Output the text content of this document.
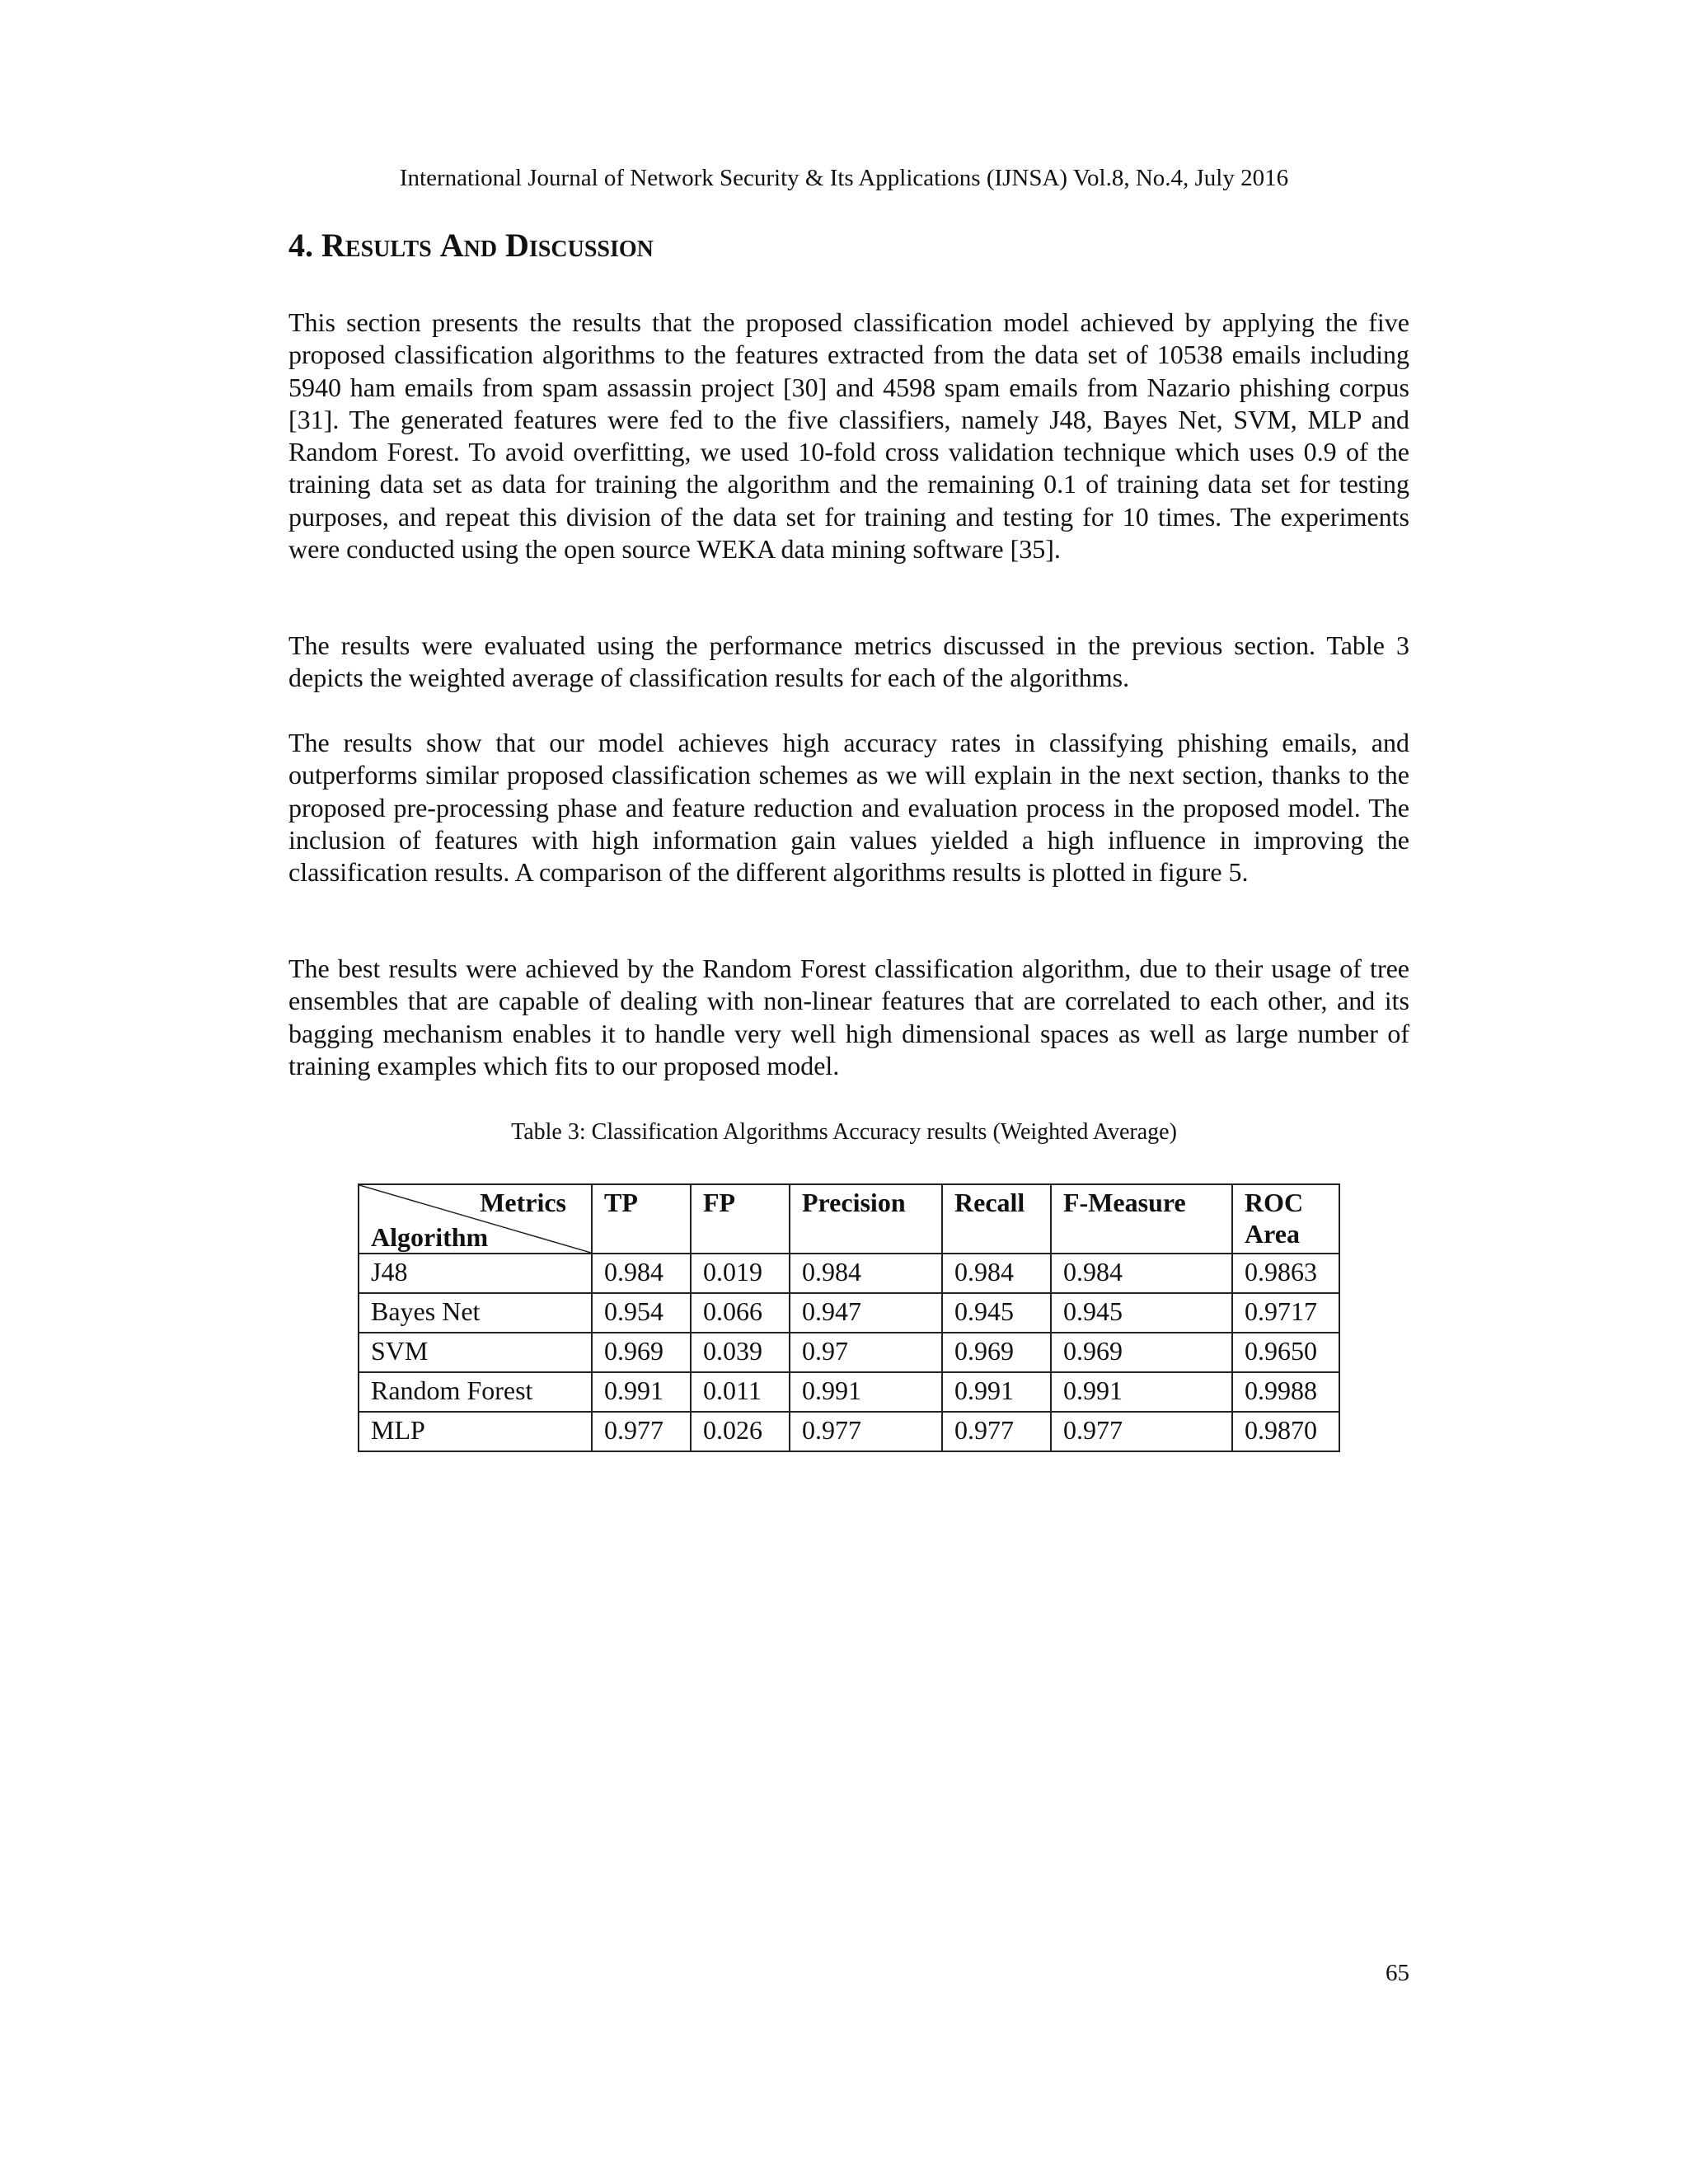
International Journal of Network Security & Its Applications (IJNSA) Vol.8, No.4, July 2016
4. Results And Discussion

This section presents the results that the proposed classification model achieved by applying the five proposed classification algorithms to the features extracted from the data set of 10538 emails including 5940 ham emails from spam assassin project [30] and 4598 spam emails from Nazario phishing corpus [31]. The generated features were fed to the five classifiers, namely J48, Bayes Net, SVM, MLP and Random Forest. To avoid overfitting, we used 10-fold cross validation technique which uses 0.9 of the training data set as data for training the algorithm and the remaining 0.1 of training data set for testing purposes, and repeat this division of the data set for training and testing for 10 times. The experiments were conducted using the open source WEKA data mining software [35].

The results were evaluated using the performance metrics discussed in the previous section. Table 3 depicts the weighted average of classification results for each of the algorithms.

The results show that our model achieves high accuracy rates in classifying phishing emails, and outperforms similar proposed classification schemes as we will explain in the next section, thanks to the proposed pre-processing phase and feature reduction and evaluation process in the proposed model. The inclusion of features with high information gain values yielded a high influence in improving the classification results. A comparison of the different algorithms results is plotted in figure 5.

The best results were achieved by the Random Forest classification algorithm, due to their usage of tree ensembles that are capable of dealing with non-linear features that are correlated to each other, and its bagging mechanism enables it to handle very well high dimensional spaces as well as large number of training examples which fits to our proposed model.

Table 3: Classification Algorithms Accuracy results (Weighted Average)
Metrics
Algorithm	TP	FP	Precision	Recall	F-Measure	ROC Area
J48	0.984	0.019	0.984	0.984	0.984	0.9863
Bayes Net	0.954	0.066	0.947	0.945	0.945	0.9717
SVM	0.969	0.039	0.97	0.969	0.969	0.9650
Random Forest	0.991	0.011	0.991	0.991	0.991	0.9988
MLP	0.977	0.026	0.977	0.977	0.977	0.9870
65
